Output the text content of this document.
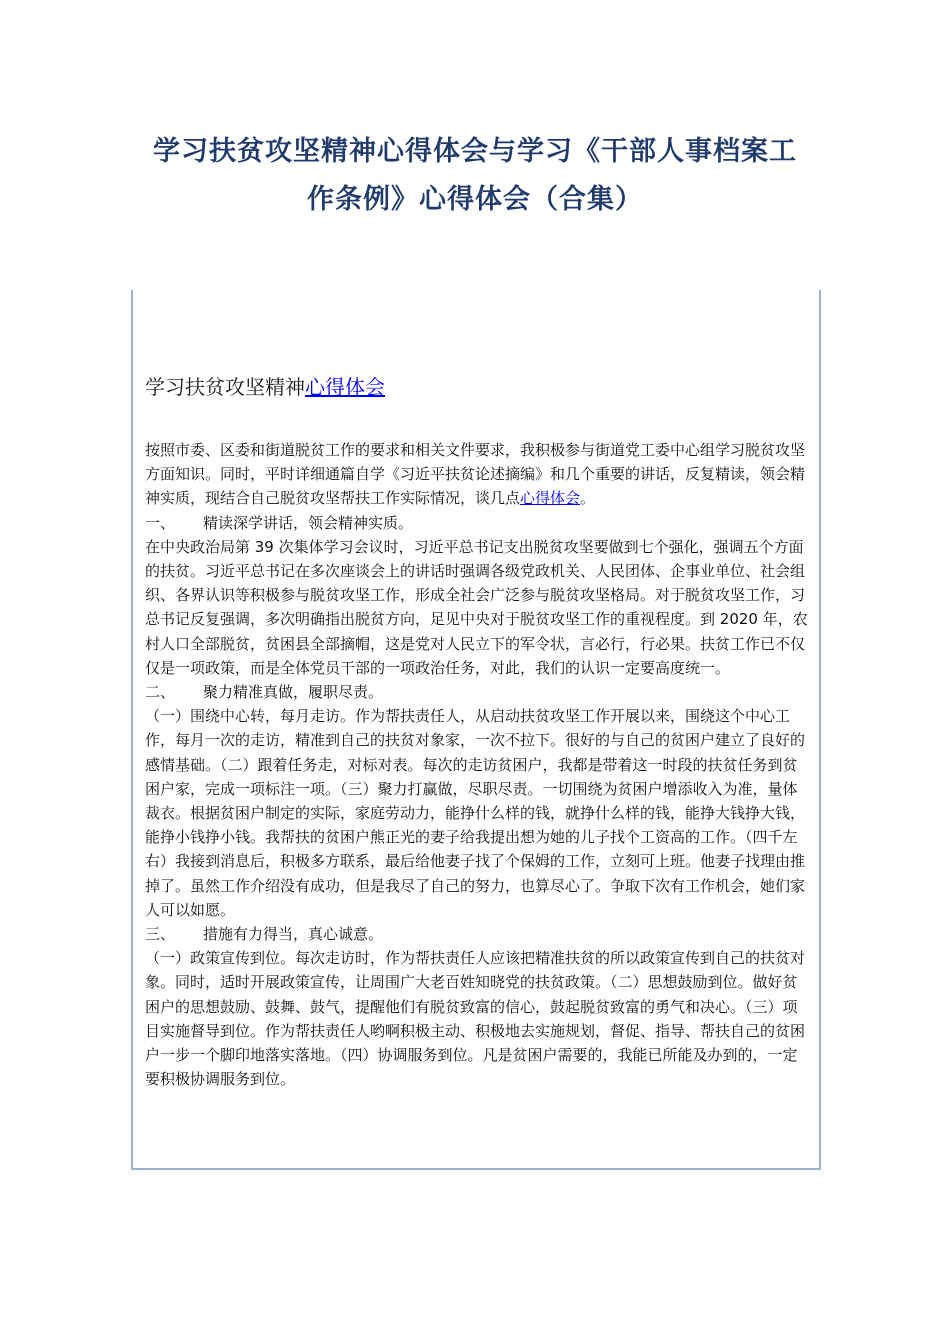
学习扶贫攻坚精神心得体会与学习《干部人事档案工
作条例》心得体会（合集）
学习扶贫攻坚精神心得体会

按照市委、区委和街道脱贫工作的要求和相关文件要求，我积极参与街道党工委中心组学习脱贫攻坚方面知识。同时，平时详细通篇自学《习近平扶贫论述摘编》和几个重要的讲话，反复精读，领会精神实质，现结合自己脱贫攻坚帮扶工作实际情况，谈几点心得体会。

一、 精读深学讲话，领会精神实质。

在中央政治局第 39 次集体学习会议时，习近平总书记支出脱贫攻坚要做到七个强化，强调五个方面的扶贫。习近平总书记在多次座谈会上的讲话时强调各级党政机关、人民团体、企事业单位、社会组织、各界认识等积极参与脱贫攻坚工作，形成全社会广泛参与脱贫攻坚格局。对于脱贫攻坚工作，习总书记反复强调，多次明确指出脱贫方向，足见中央对于脱贫攻坚工作的重视程度。到 2020 年，农村人口全部脱贫，贫困县全部摘帽，这是党对人民立下的军令状，言必行，行必果。扶贫工作已不仅仅是一项政策，而是全体党员干部的一项政治任务，对此，我们的认识一定要高度统一。

二、 聚力精准真做，履职尽责。

（一）围绕中心转，每月走访。作为帮扶责任人，从启动扶贫攻坚工作开展以来，围绕这个中心工作，每月一次的走访，精准到自己的扶贫对象家，一次不拉下。很好的与自己的贫困户建立了良好的感情基础。（二）跟着任务走，对标对表。每次的走访贫困户，我都是带着这一时段的扶贫任务到贫困户家，完成一项标注一项。（三）聚力打赢做，尽职尽责。一切围绕为贫困户增添收入为准，量体裁衣。根据贫困户制定的实际，家庭劳动力，能挣什么样的钱，就挣什么样的钱，能挣大钱挣大钱，能挣小钱挣小钱。我帮扶的贫困户熊正光的妻子给我提出想为她的儿子找个工资高的工作。（四千左右）我接到消息后，积极多方联系，最后给他妻子找了个保姆的工作，立刻可上班。他妻子找理由推掉了。虽然工作介绍没有成功，但是我尽了自己的努力，也算尽心了。争取下次有工作机会，她们家人可以如愿。

三、 措施有力得当，真心诚意。

（一）政策宣传到位。每次走访时，作为帮扶责任人应该把精准扶贫的所以政策宣传到自己的扶贫对象。同时，适时开展政策宣传，让周围广大老百姓知晓党的扶贫政策。（二）思想鼓励到位。做好贫困户的思想鼓励、鼓舞、鼓气，提醒他们有脱贫致富的信心，鼓起脱贫致富的勇气和决心。（三）项目实施督导到位。作为帮扶责任人哟啊积极主动、积极地去实施规划，督促、指导、帮扶自己的贫困户一步一个脚印地落实落地。（四）协调服务到位。凡是贫困户需要的，我能已所能及办到的，一定要积极协调服务到位。
